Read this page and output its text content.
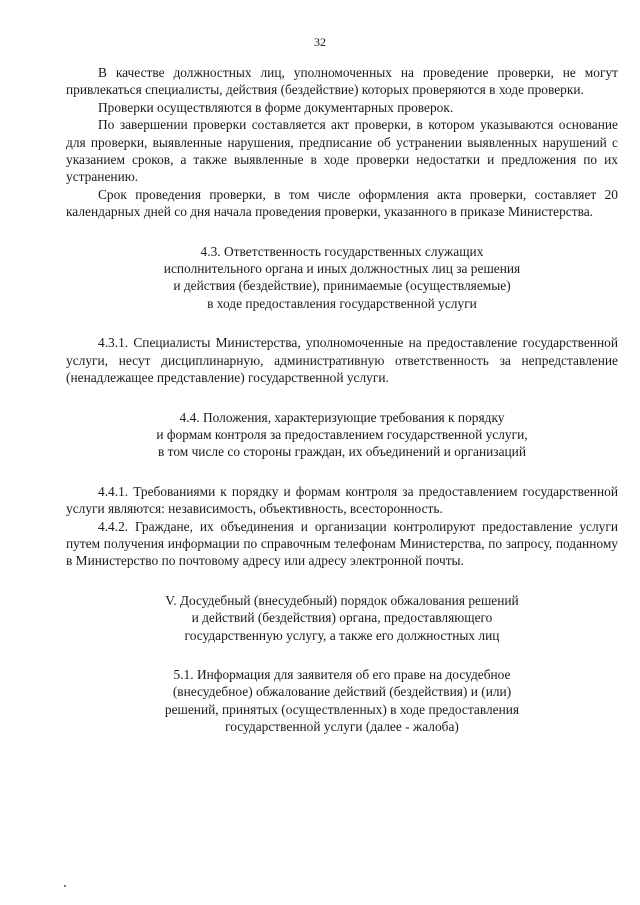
32

В качестве должностных лиц, уполномоченных на проведение проверки, не могут привлекаться специалисты, действия (бездействие) которых проверяются в ходе проверки.

Проверки осуществляются в форме документарных проверок.

По завершении проверки составляется акт проверки, в котором указываются основание для проверки, выявленные нарушения, предписание об устранении выявленных нарушений с указанием сроков, а также выявленные в ходе проверки недостатки и предложения по их устранению.

Срок проведения проверки, в том числе оформления акта проверки, составляет 20 календарных дней со дня начала проведения проверки, указанного в приказе Министерства.

4.3. Ответственность государственных служащих
исполнительного органа и иных должностных лиц за решения
и действия (бездействие), принимаемые (осуществляемые)
в ходе предоставления государственной услуги

4.3.1. Специалисты Министерства, уполномоченные на предоставление государственной услуги, несут дисциплинарную, административную ответственность за непредставление (ненадлежащее представление) государственной услуги.

4.4. Положения, характеризующие требования к порядку
и формам контроля за предоставлением государственной услуги,
в том числе со стороны граждан, их объединений и организаций

4.4.1. Требованиями к порядку и формам контроля за предоставлением государственной услуги являются: независимость, объективность, всесторонность.

4.4.2. Граждане, их объединения и организации контролируют предоставление услуги путем получения информации по справочным телефонам Министерства, по запросу, поданному в Министерство по почтовому адресу или адресу электронной почты.

V. Досудебный (внесудебный) порядок обжалования решений
и действий (бездействия) органа, предоставляющего
государственную услугу, а также его должностных лиц
5.1. Информация для заявителя об его праве на досудебное
(внесудебное) обжалование действий (бездействия) и (или)
решений, принятых (осуществленных) в ходе предоставления
государственной услуги (далее - жалоба)
